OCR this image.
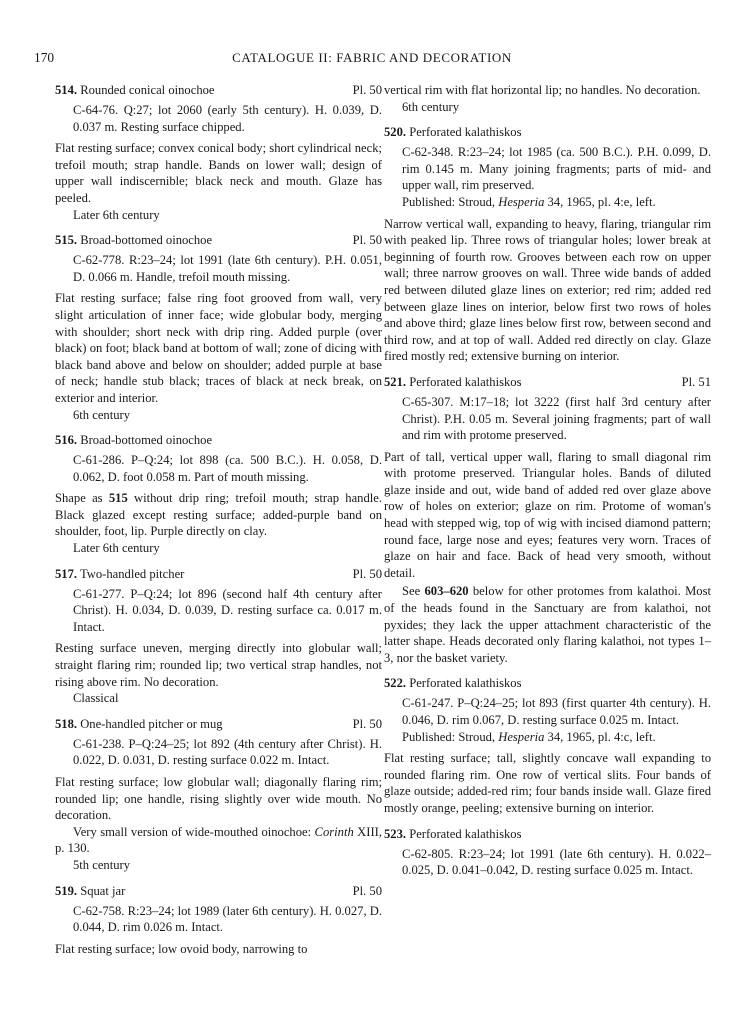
170	CATALOGUE II: FABRIC AND DECORATION
514. Rounded conical oinochoe	Pl. 50

C-64-76. Q:27; lot 2060 (early 5th century). H. 0.039, D. 0.037 m. Resting surface chipped.

Flat resting surface; convex conical body; short cylindrical neck; trefoil mouth; strap handle. Bands on lower wall; design of upper wall indiscernible; black neck and mouth. Glaze has peeled.

Later 6th century

515. Broad-bottomed oinochoe	Pl. 50

C-62-778. R:23–24; lot 1991 (late 6th century). P.H. 0.051, D. 0.066 m. Handle, trefoil mouth missing.

Flat resting surface; false ring foot grooved from wall, very slight articulation of inner face; wide globular body, merging with shoulder; short neck with drip ring. Added purple (over black) on foot; black band at bottom of wall; zone of dicing with black band above and below on shoulder; added purple at base of neck; handle stub black; traces of black at neck break, on exterior and interior.

6th century

516. Broad-bottomed oinochoe

C-61-286. P–Q:24; lot 898 (ca. 500 B.C.). H. 0.058, D. 0.062, D. foot 0.058 m. Part of mouth missing.

Shape as 515 without drip ring; trefoil mouth; strap handle. Black glazed except resting surface; added-purple band on shoulder, foot, lip. Purple directly on clay.

Later 6th century

517. Two-handled pitcher	Pl. 50

C-61-277. P–Q:24; lot 896 (second half 4th century after Christ). H. 0.034, D. 0.039, D. resting surface ca. 0.017 m. Intact.

Resting surface uneven, merging directly into globular wall; straight flaring rim; rounded lip; two vertical strap handles, not rising above rim. No decoration.

Classical

518. One-handled pitcher or mug	Pl. 50

C-61-238. P–Q:24–25; lot 892 (4th century after Christ). H. 0.022, D. 0.031, D. resting surface 0.022 m. Intact.

Flat resting surface; low globular wall; diagonally flaring rim; rounded lip; one handle, rising slightly over wide mouth. No decoration.

Very small version of wide-mouthed oinochoe: Corinth XIII, p. 130.

5th century

519. Squat jar	Pl. 50

C-62-758. R:23–24; lot 1989 (later 6th century). H. 0.027, D. 0.044, D. rim 0.026 m. Intact.

Flat resting surface; low ovoid body, narrowing to

vertical rim with flat horizontal lip; no handles. No decoration.

6th century

520. Perforated kalathiskos

C-62-348. R:23–24; lot 1985 (ca. 500 B.C.). P.H. 0.099, D. rim 0.145 m. Many joining fragments; parts of mid- and upper wall, rim preserved.

Published: Stroud, Hesperia 34, 1965, pl. 4:e, left.

Narrow vertical wall, expanding to heavy, flaring, triangular rim with peaked lip. Three rows of triangular holes; lower break at beginning of fourth row. Grooves between each row on upper wall; three narrow grooves on wall. Three wide bands of added red between diluted glaze lines on exterior; red rim; added red between glaze lines on interior, below first two rows of holes and above third; glaze lines below first row, between second and third row, and at top of wall. Added red directly on clay. Glaze fired mostly red; extensive burning on interior.

521. Perforated kalathiskos	Pl. 51

C-65-307. M:17–18; lot 3222 (first half 3rd century after Christ). P.H. 0.05 m. Several joining fragments; part of wall and rim with protome preserved.

Part of tall, vertical upper wall, flaring to small diagonal rim with protome preserved. Triangular holes. Bands of diluted glaze inside and out, wide band of added red over glaze above row of holes on exterior; glaze on rim. Protome of woman's head with stepped wig, top of wig with incised diamond pattern; round face, large nose and eyes; features very worn. Traces of glaze on hair and face. Back of head very smooth, without detail.

See 603–620 below for other protomes from kalathoi. Most of the heads found in the Sanctuary are from kalathoi, not pyxides; they lack the upper attachment characteristic of the latter shape. Heads decorated only flaring kalathoi, not types 1–3, nor the basket variety.

522. Perforated kalathiskos

C-61-247. P–Q:24–25; lot 893 (first quarter 4th century). H. 0.046, D. rim 0.067, D. resting surface 0.025 m. Intact.

Published: Stroud, Hesperia 34, 1965, pl. 4:c, left.

Flat resting surface; tall, slightly concave wall expanding to rounded flaring rim. One row of vertical slits. Four bands of glaze outside; added-red rim; four bands inside wall. Glaze fired mostly orange, peeling; extensive burning on interior.

523. Perforated kalathiskos

C-62-805. R:23–24; lot 1991 (late 6th century). H. 0.022–0.025, D. 0.041–0.042, D. resting surface 0.025 m. Intact.
